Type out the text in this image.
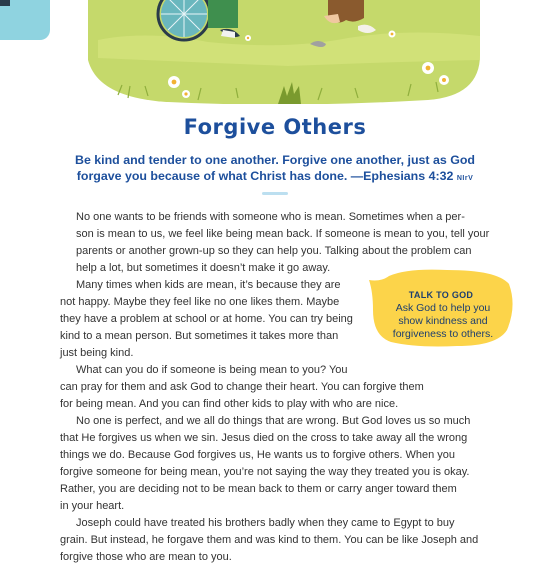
Forgive Others

Be kind and tender to one another. Forgive one another, just as God
forgave you because of what Christ has done. —Ephesians 4:32 NIrV

No one wants to be friends with someone who is mean. Sometimes when a per-
son is mean to us, we feel like being mean back. If someone is mean to you, tell your
parents or another grown-up so they can help you. Talking about the problem can
help a lot, but sometimes it doesn’t make it go away.

Many times when kids are mean, it’s because they are
not happy. Maybe they feel like no one likes them. Maybe
they have a problem at school or at home. You can try being
kind to a mean person. But sometimes it takes more than
just being kind.

What can you do if someone is being mean to you? You
can pray for them and ask God to change their heart. You can forgive them
for being mean. And you can find other kids to play with who are nice.

No one is perfect, and we all do things that are wrong. But God loves us so much
that He forgives us when we sin. Jesus died on the cross to take away all the wrong
things we do. Because God forgives us, He wants us to forgive others. When you
forgive someone for being mean, you’re not saying the way they treated you is okay.
Rather, you are deciding not to be mean back to them or carry anger toward them
in your heart.

Joseph could have treated his brothers badly when they came to Egypt to buy
grain. But instead, he forgave them and was kind to them. You can be like Joseph and
forgive those who are mean to you.

TALK TO GOD

Ask God to help you
show kindness and
forgiveness to others.
